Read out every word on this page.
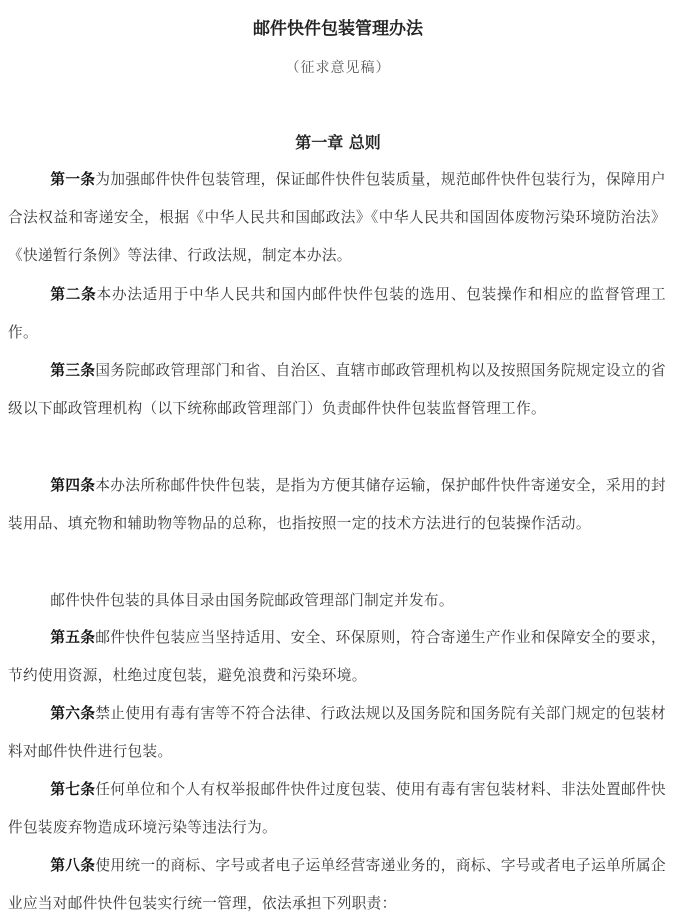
邮件快件包装管理办法
（征求意见稿）
第一章 总则

第一条为加强邮件快件包装管理，保证邮件快件包装质量，规范邮件快件包装行为，保障用户合法权益和寄递安全，根据《中华人民共和国邮政法》《中华人民共和国固体废物污染环境防治法》《快递暂行条例》等法律、行政法规，制定本办法。

第二条本办法适用于中华人民共和国内邮件快件包装的选用、包装操作和相应的监督管理工作。

第三条国务院邮政管理部门和省、自治区、直辖市邮政管理机构以及按照国务院规定设立的省级以下邮政管理机构（以下统称邮政管理部门）负责邮件快件包装监督管理工作。

第四条本办法所称邮件快件包装，是指为方便其储存运输，保护邮件快件寄递安全，采用的封装用品、填充物和辅助物等物品的总称，也指按照一定的技术方法进行的包装操作活动。

邮件快件包装的具体目录由国务院邮政管理部门制定并发布。

第五条邮件快件包装应当坚持适用、安全、环保原则，符合寄递生产作业和保障安全的要求，节约使用资源，杜绝过度包装，避免浪费和污染环境。

第六条禁止使用有毒有害等不符合法律、行政法规以及国务院和国务院有关部门规定的包装材料对邮件快件进行包装。

第七条任何单位和个人有权举报邮件快件过度包装、使用有毒有害包装材料、非法处置邮件快件包装废弃物造成环境污染等违法行为。

第八条使用统一的商标、字号或者电子运单经营寄递业务的，商标、字号或者电子运单所属企业应当对邮件快件包装实行统一管理，依法承担下列职责：
